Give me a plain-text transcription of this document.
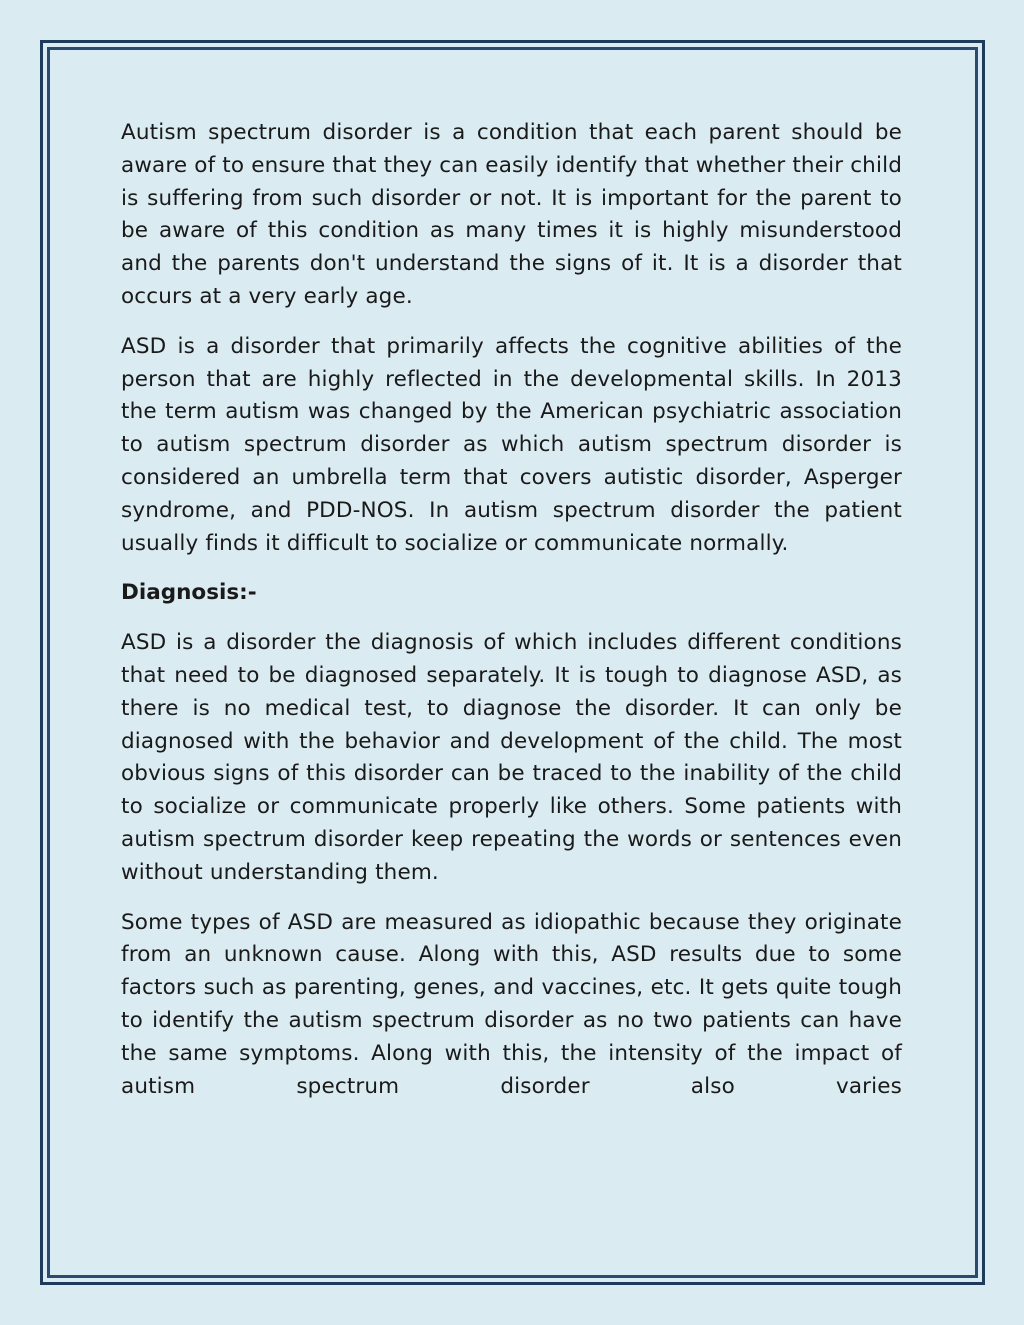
Autism spectrum disorder is a condition that each parent should be aware of to ensure that they can easily identify that whether their child is suffering from such disorder or not. It is important for the parent to be aware of this condition as many times it is highly misunderstood and the parents don't understand the signs of it. It is a disorder that occurs at a very early age.

ASD is a disorder that primarily affects the cognitive abilities of the person that are highly reflected in the developmental skills. In 2013 the term autism was changed by the American psychiatric association to autism spectrum disorder as which autism spectrum disorder is considered an umbrella term that covers autistic disorder, Asperger syndrome, and PDD-NOS. In autism spectrum disorder the patient usually finds it difficult to socialize or communicate normally.

Diagnosis:-

ASD is a disorder the diagnosis of which includes different conditions that need to be diagnosed separately. It is tough to diagnose ASD, as there is no medical test, to diagnose the disorder. It can only be diagnosed with the behavior and development of the child. The most obvious signs of this disorder can be traced to the inability of the child to socialize or communicate properly like others. Some patients with autism spectrum disorder keep repeating the words or sentences even without understanding them.

Some types of ASD are measured as idiopathic because they originate from an unknown cause. Along with this, ASD results due to some factors such as parenting, genes, and vaccines, etc. It gets quite tough to identify the autism spectrum disorder as no two patients can have the same symptoms. Along with this, the intensity of the impact of autism spectrum disorder also varies
